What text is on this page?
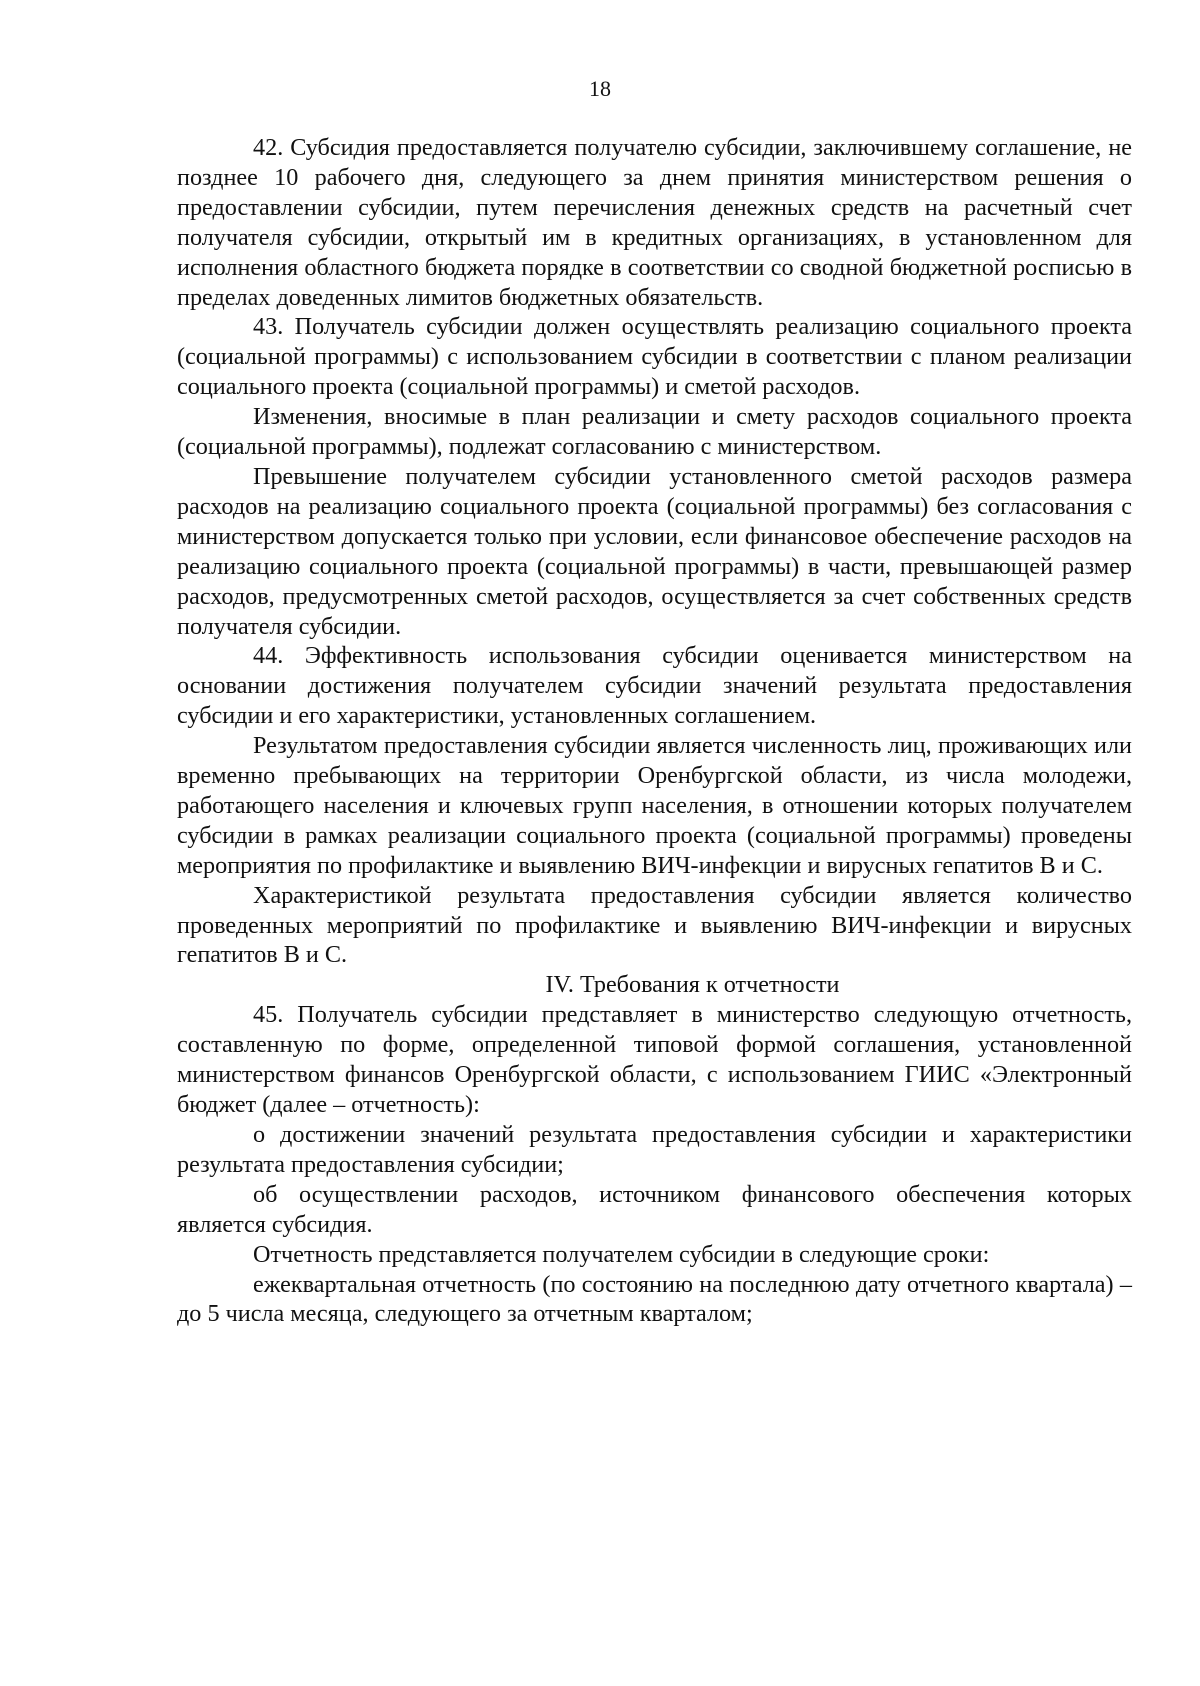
18

42. Субсидия предоставляется получателю субсидии, заключившему соглашение, не позднее 10 рабочего дня, следующего за днем принятия министерством решения о предоставлении субсидии, путем перечисления денежных средств на расчетный счет получателя субсидии, открытый им в кредитных организациях, в установленном для исполнения областного бюджета порядке в соответствии со сводной бюджетной росписью в пределах доведенных лимитов бюджетных обязательств.

43. Получатель субсидии должен осуществлять реализацию социального проекта (социальной программы) с использованием субсидии в соответствии с планом реализации социального проекта (социальной программы) и сметой расходов.

Изменения, вносимые в план реализации и смету расходов социального проекта (социальной программы), подлежат согласованию с министерством.

Превышение получателем субсидии установленного сметой расходов размера расходов на реализацию социального проекта (социальной программы) без согласования с министерством допускается только при условии, если финансовое обеспечение расходов на реализацию социального проекта (социальной программы) в части, превышающей размер расходов, предусмотренных сметой расходов, осуществляется за счет собственных средств получателя субсидии.

44. Эффективность использования субсидии оценивается министерством на основании достижения получателем субсидии значений результата предоставления субсидии и его характеристики, установленных соглашением.

Результатом предоставления субсидии является численность лиц, проживающих или временно пребывающих на территории Оренбургской области, из числа молодежи, работающего населения и ключевых групп населения, в отношении которых получателем субсидии в рамках реализации социального проекта (социальной программы) проведены мероприятия по профилактике и выявлению ВИЧ-инфекции и вирусных гепатитов B и C.

Характеристикой результата предоставления субсидии является количество проведенных мероприятий по профилактике и выявлению ВИЧ-инфекции и вирусных гепатитов B и C.

IV. Требования к отчетности

45. Получатель субсидии представляет в министерство следующую отчетность, составленную по форме, определенной типовой формой соглашения, установленной министерством финансов Оренбургской области, с использованием ГИИС «Электронный бюджет (далее – отчетность):

о достижении значений результата предоставления субсидии и характеристики результата предоставления субсидии;

об осуществлении расходов, источником финансового обеспечения которых является субсидия.

Отчетность представляется получателем субсидии в следующие сроки:

ежеквартальная отчетность (по состоянию на последнюю дату отчетного квартала) – до 5 числа месяца, следующего за отчетным кварталом;
